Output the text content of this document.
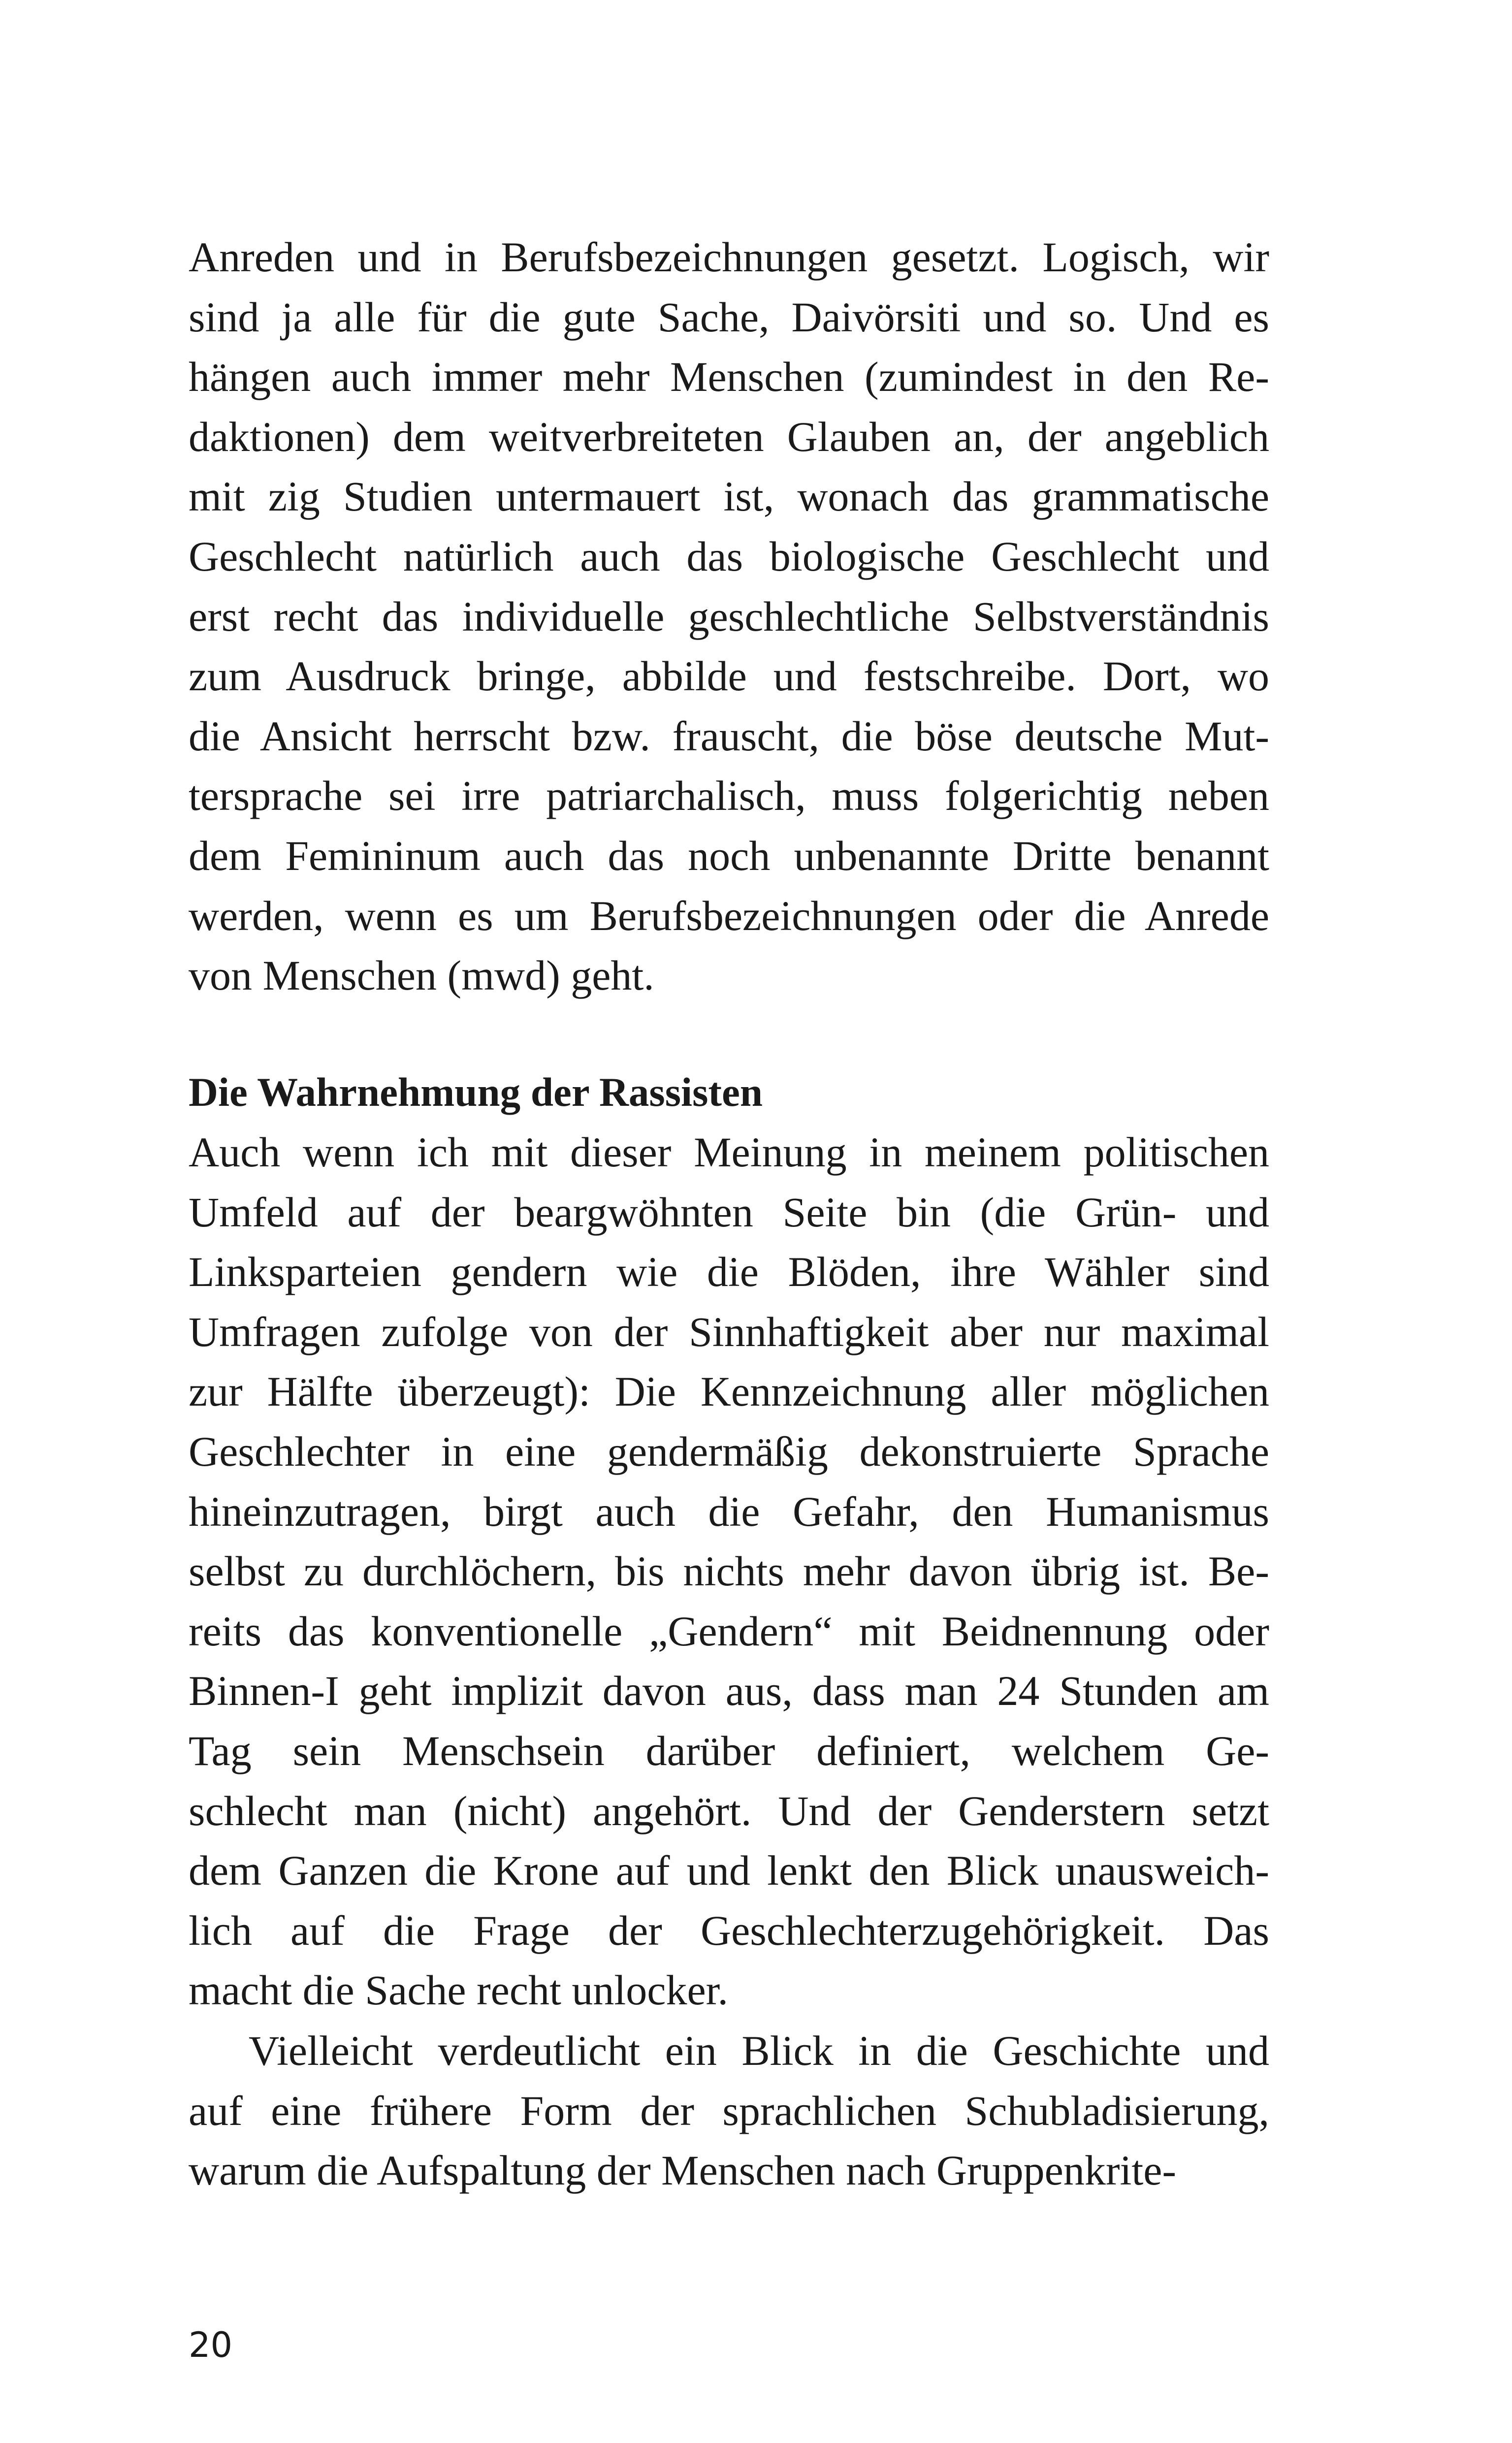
Anreden und in Berufsbezeichnungen gesetzt. Logisch, wir
sind ja alle für die gute Sache, Daivörsiti und so. Und es
hängen auch immer mehr Menschen (zumindest in den Re-
daktionen) dem weitverbreiteten Glauben an, der angeblich
mit zig Studien untermauert ist, wonach das grammatische
Geschlecht natürlich auch das biologische Geschlecht und
erst recht das individuelle geschlechtliche Selbstverständnis
zum Ausdruck bringe, abbilde und festschreibe. Dort, wo
die Ansicht herrscht bzw. frauscht, die böse deutsche Mut-
tersprache sei irre patriarchalisch, muss folgerichtig neben
dem Femininum auch das noch unbenannte Dritte benannt
werden, wenn es um Berufsbezeichnungen oder die Anrede
von Menschen (mwd) geht.
Die Wahrnehmung der Rassisten
Auch wenn ich mit dieser Meinung in meinem politischen
Umfeld auf der beargwöhnten Seite bin (die Grün- und
Linksparteien gendern wie die Blöden, ihre Wähler sind
Umfragen zufolge von der Sinnhaftigkeit aber nur maximal
zur Hälfte überzeugt): Die Kennzeichnung aller möglichen
Geschlechter in eine gendermäßig dekonstruierte Sprache
hineinzutragen, birgt auch die Gefahr, den Humanismus
selbst zu durchlöchern, bis nichts mehr davon übrig ist. Be-
reits das konventionelle „Gendern“ mit Beidnennung oder
Binnen-I geht implizit davon aus, dass man 24 Stunden am
Tag sein Menschsein darüber definiert, welchem Ge-
schlecht man (nicht) angehört. Und der Genderstern setzt
dem Ganzen die Krone auf und lenkt den Blick unausweich-
lich auf die Frage der Geschlechterzugehörigkeit. Das
macht die Sache recht unlocker.
Vielleicht verdeutlicht ein Blick in die Geschichte und
auf eine frühere Form der sprachlichen Schubladisierung,
warum die Aufspaltung der Menschen nach Gruppenkrite-
20
